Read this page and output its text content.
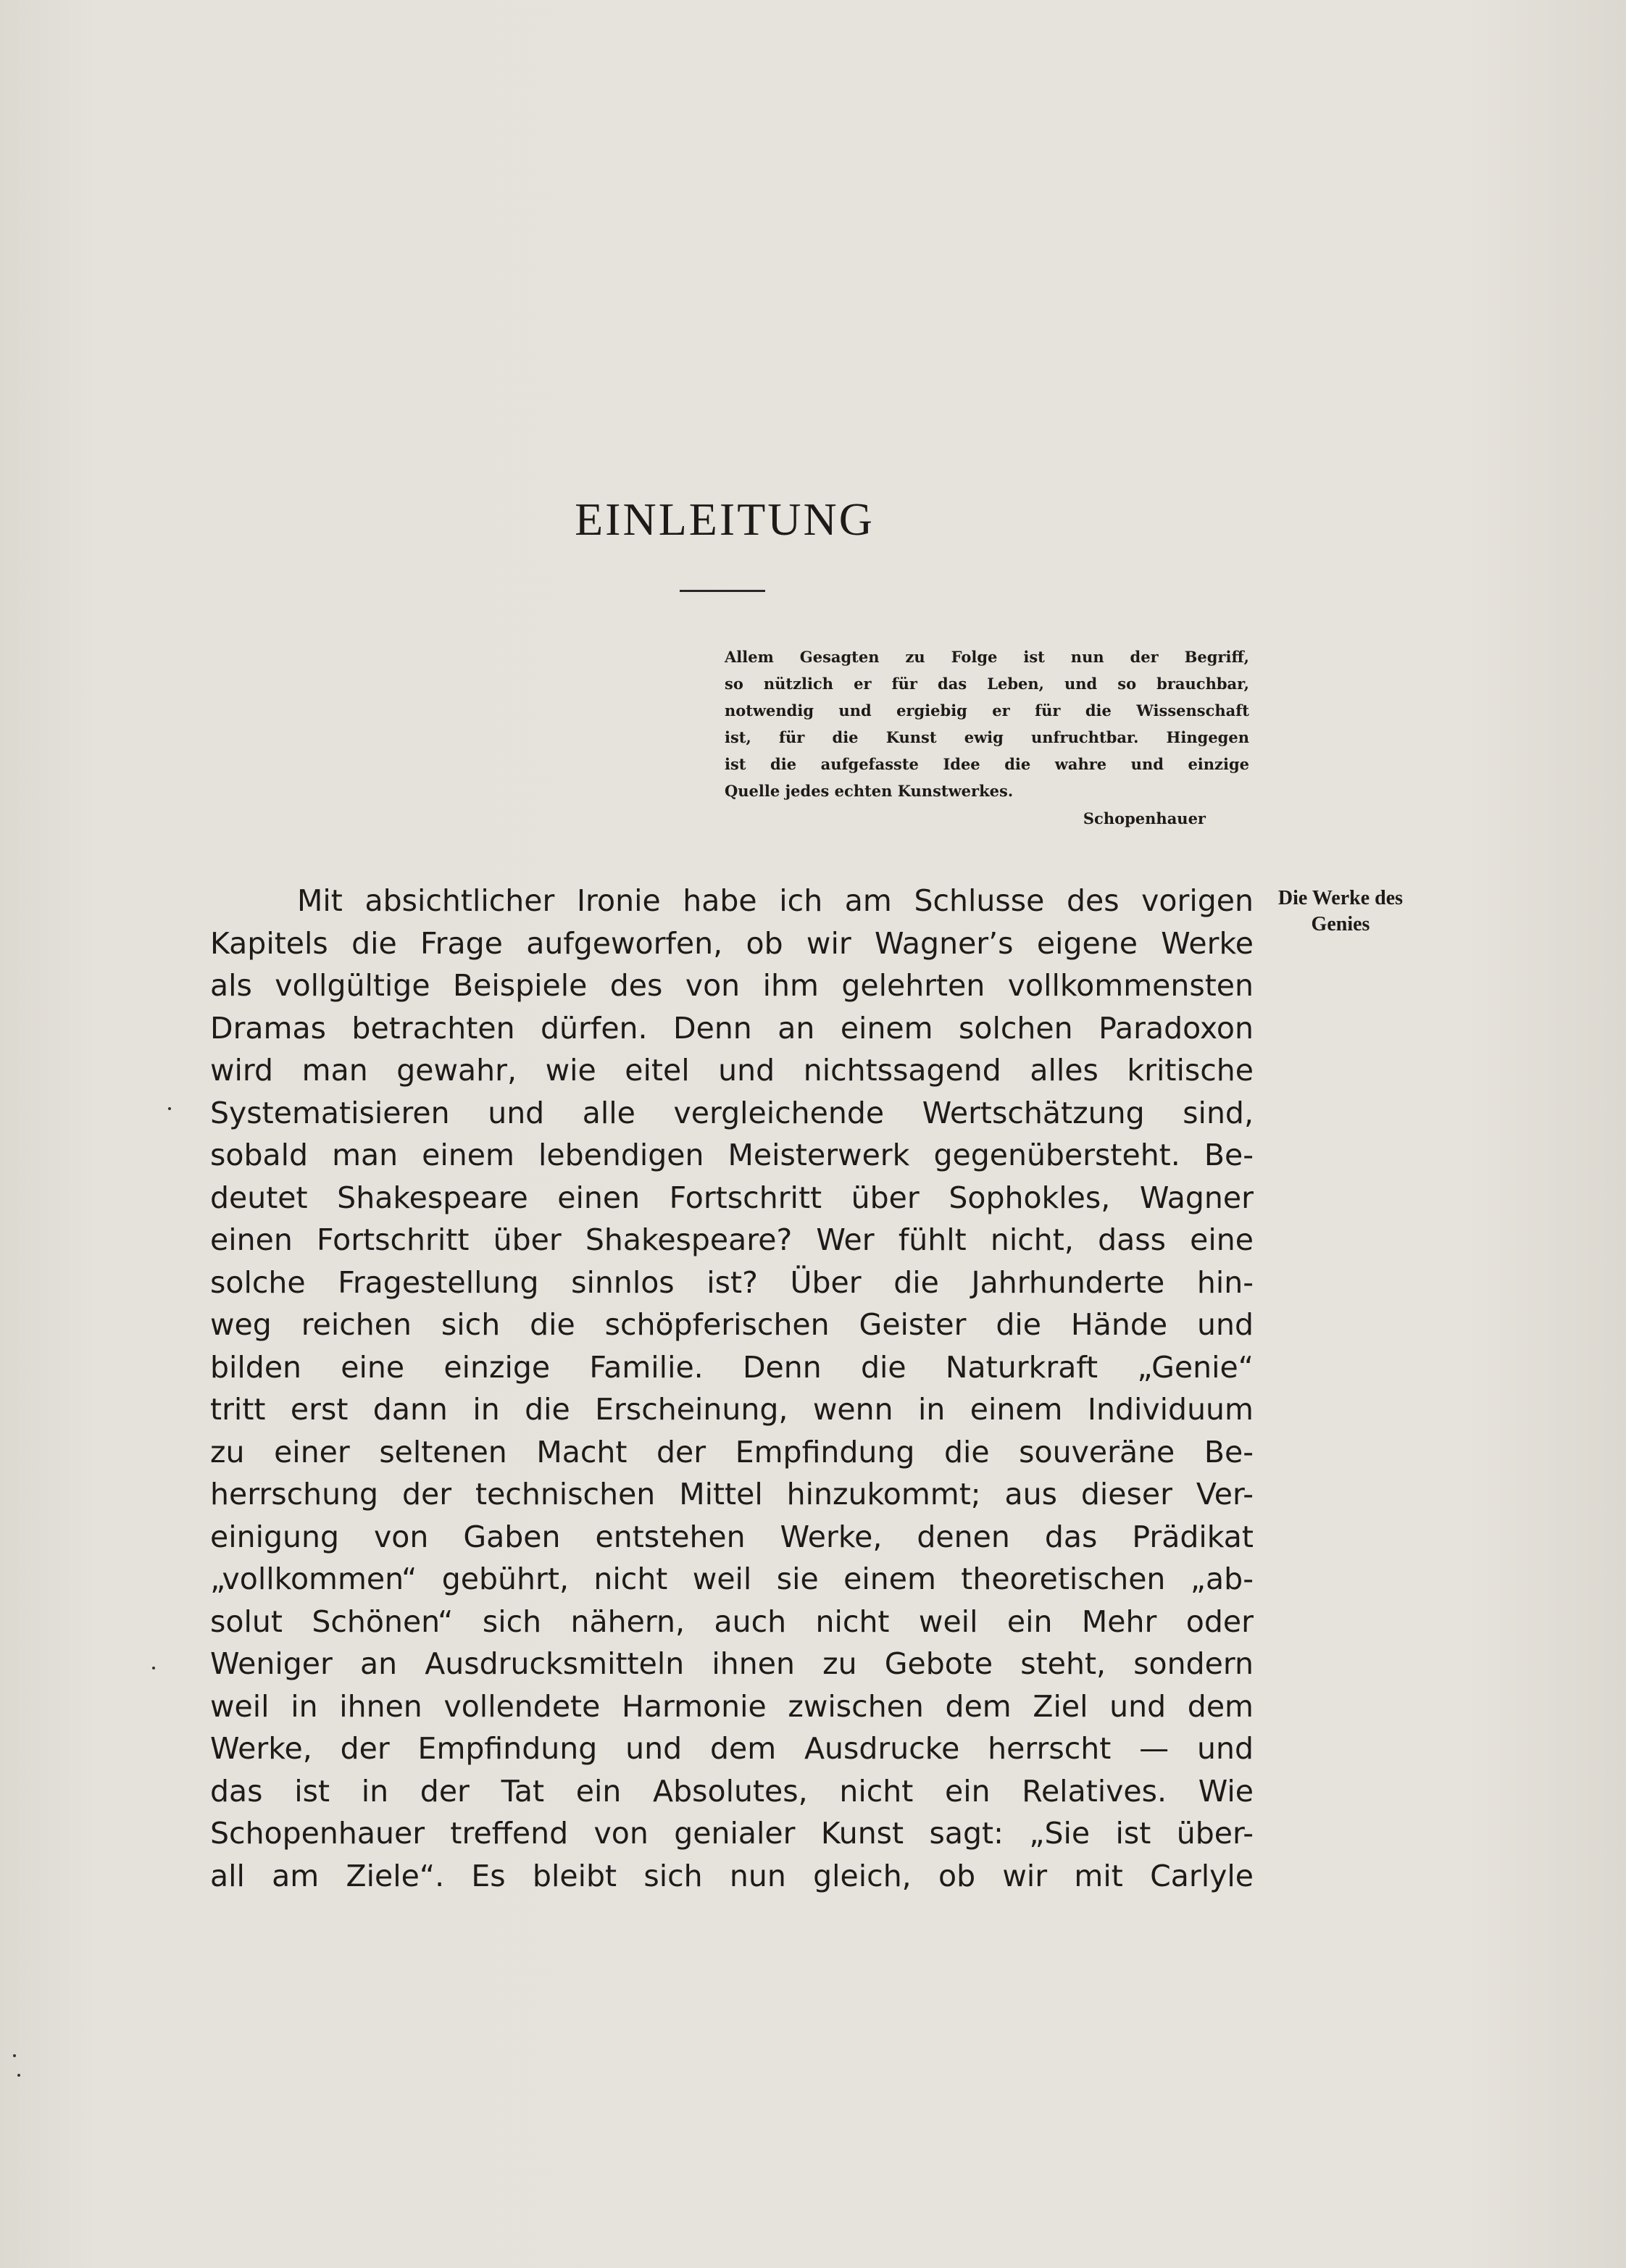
EINLEITUNG
Allem Gesagten zu Folge ist nun der Begriff,
so nützlich er für das Leben, und so brauchbar,
notwendig und ergiebig er für die Wissenschaft
ist, für die Kunst ewig unfruchtbar. Hingegen
ist die aufgefasste Idee die wahre und einzige
Quelle jedes echten Kunstwerkes.
Schopenhauer
Die Werke des
Genies
Mit absichtlicher Ironie habe ich am Schlusse des vorigen
Kapitels die Frage aufgeworfen, ob wir Wagner’s eigene Werke
als vollgültige Beispiele des von ihm gelehrten vollkommensten
Dramas betrachten dürfen. Denn an einem solchen Paradoxon
wird man gewahr, wie eitel und nichtssagend alles kritische
Systematisieren und alle vergleichende Wertschätzung sind,
sobald man einem lebendigen Meisterwerk gegenübersteht. Be-
deutet Shakespeare einen Fortschritt über Sophokles, Wagner
einen Fortschritt über Shakespeare? Wer fühlt nicht, dass eine
solche Fragestellung sinnlos ist? Über die Jahrhunderte hin-
weg reichen sich die schöpferischen Geister die Hände und
bilden eine einzige Familie. Denn die Naturkraft „Genie“
tritt erst dann in die Erscheinung, wenn in einem Individuum
zu einer seltenen Macht der Empfindung die souveräne Be-
herrschung der technischen Mittel hinzukommt; aus dieser Ver-
einigung von Gaben entstehen Werke, denen das Prädikat
„vollkommen“ gebührt, nicht weil sie einem theoretischen „ab-
solut Schönen“ sich nähern, auch nicht weil ein Mehr oder
Weniger an Ausdrucksmitteln ihnen zu Gebote steht, sondern
weil in ihnen vollendete Harmonie zwischen dem Ziel und dem
Werke, der Empfindung und dem Ausdrucke herrscht — und
das ist in der Tat ein Absolutes, nicht ein Relatives. Wie
Schopenhauer treffend von genialer Kunst sagt: „Sie ist über-
all am Ziele“. Es bleibt sich nun gleich, ob wir mit Carlyle
